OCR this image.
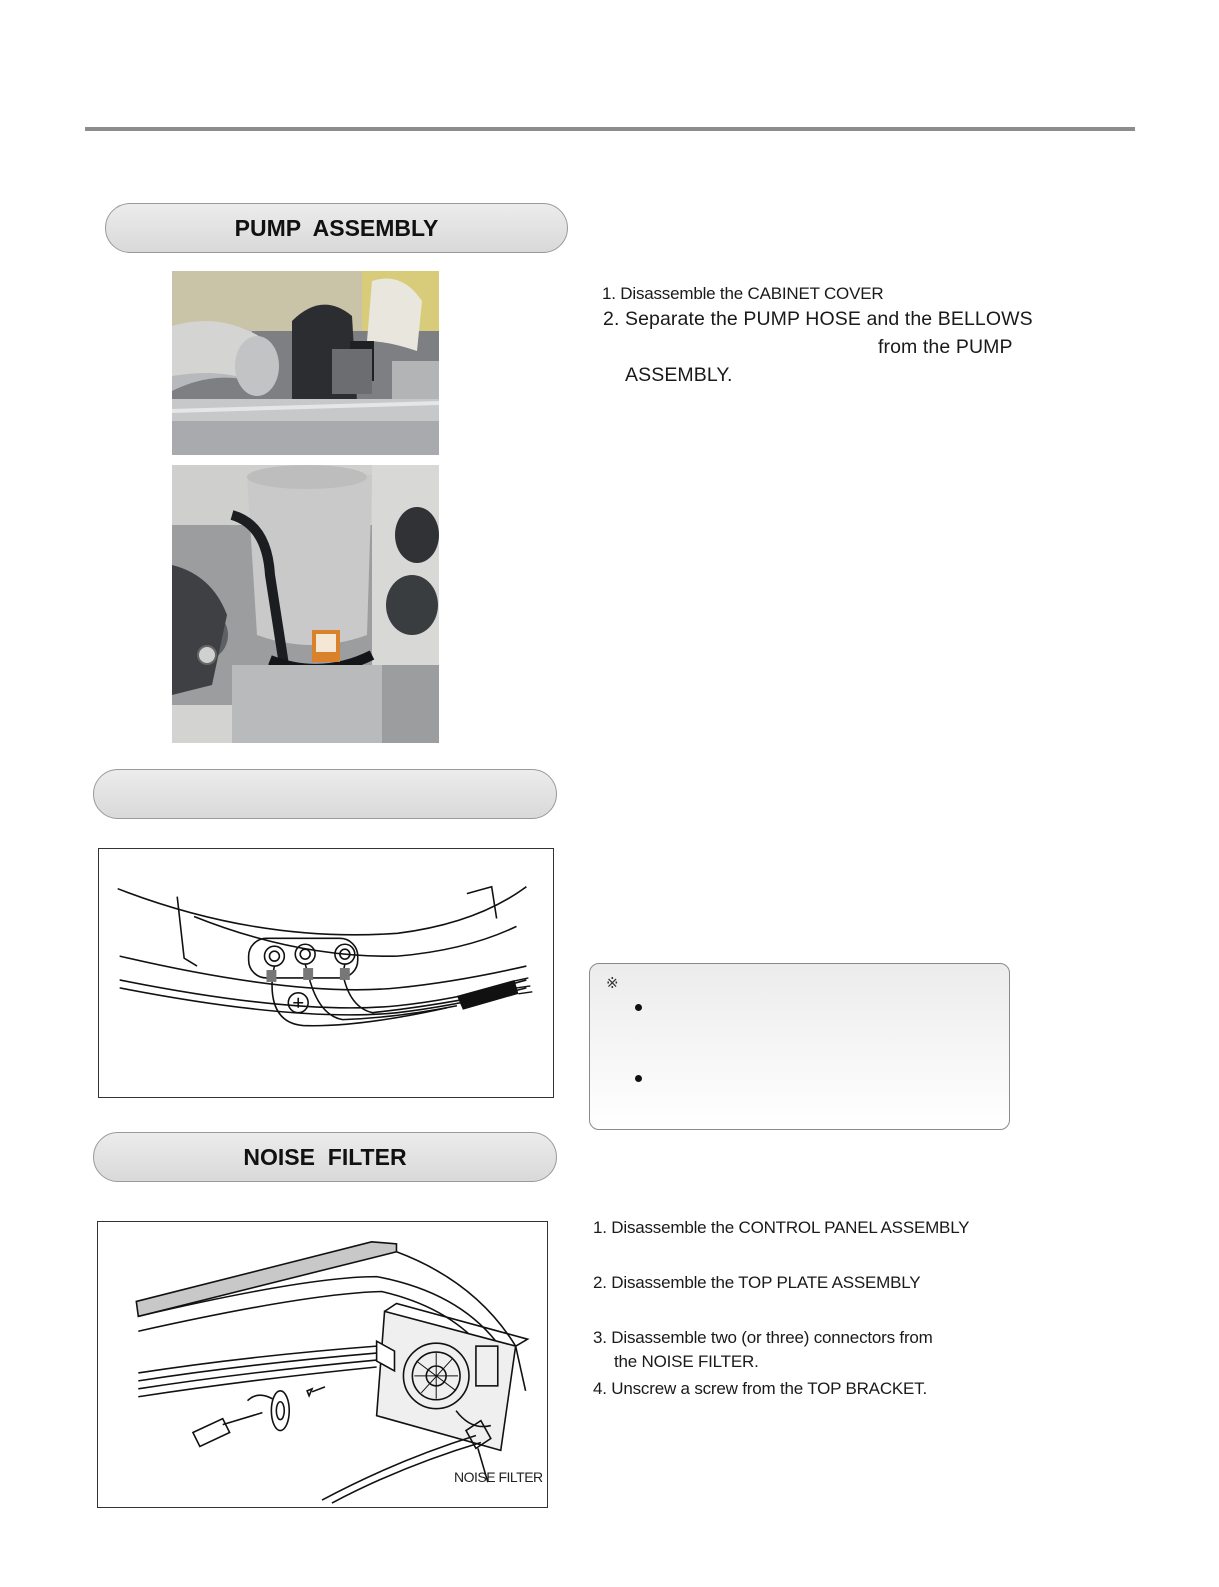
PUMP  ASSEMBLY
1. Disassemble the CABINET COVER
2. Separate the PUMP HOSE and the BELLOWS
from the PUMP
ASSEMBLY.
※
NOISE  FILTER
NOISE FILTER
1. Disassemble the CONTROL PANEL ASSEMBLY
2. Disassemble the TOP PLATE ASSEMBLY
3. Disassemble two (or three) connectors from
the NOISE FILTER.
4. Unscrew a screw from the TOP BRACKET.
